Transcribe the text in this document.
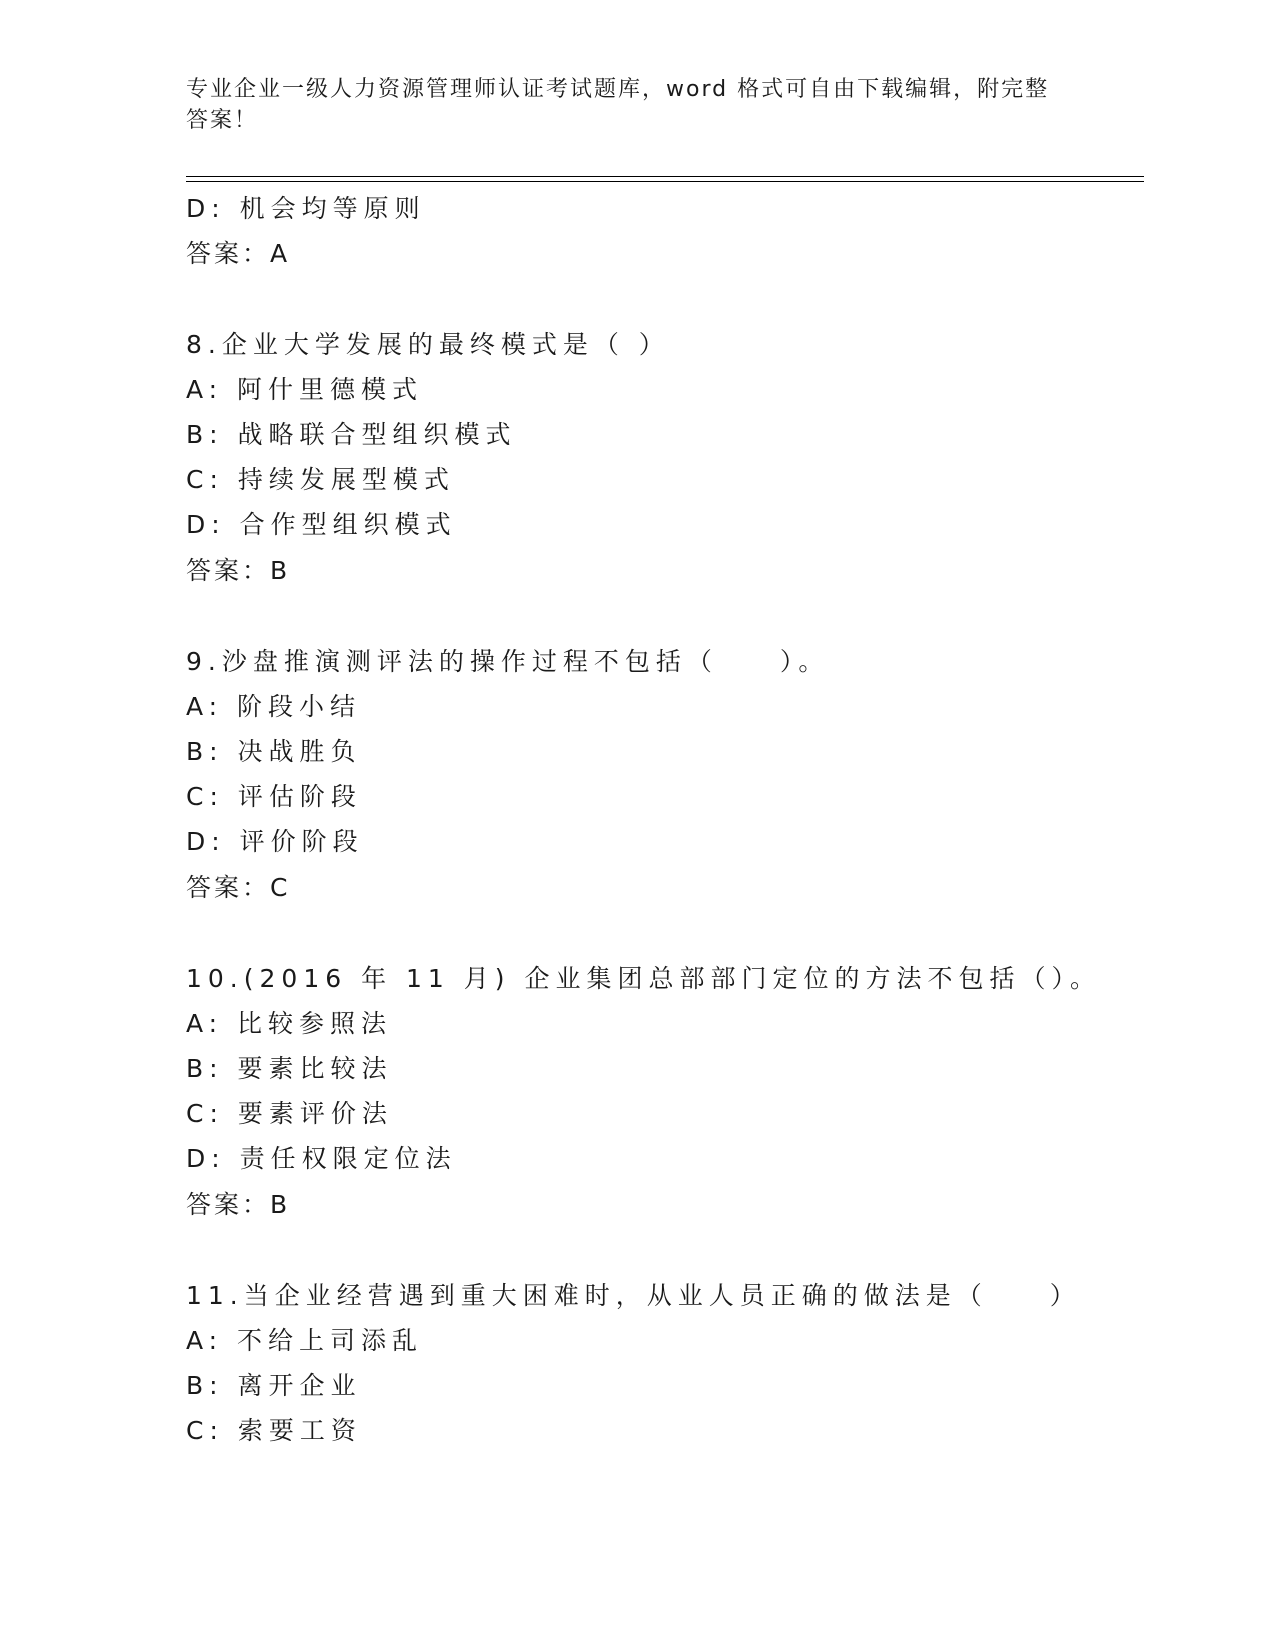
专业企业一级人力资源管理师认证考试题库，word 格式可自由下载编辑，附完整
答案！
D: 机会均等原则
答案：A
8.企业大学发展的最终模式是（ ）
A: 阿什里德模式
B: 战略联合型组织模式
C: 持续发展型模式
D: 合作型组织模式
答案：B
9.沙盘推演测评法的操作过程不包括（　　）。
A: 阶段小结
B: 决战胜负
C: 评估阶段
D: 评价阶段
答案：C
10.(2016 年 11 月) 企业集团总部部门定位的方法不包括（）。
A: 比较参照法
B: 要素比较法
C: 要素评价法
D: 责任权限定位法
答案：B
11.当企业经营遇到重大困难时，从业人员正确的做法是（　　）
A: 不给上司添乱
B: 离开企业
C: 索要工资
